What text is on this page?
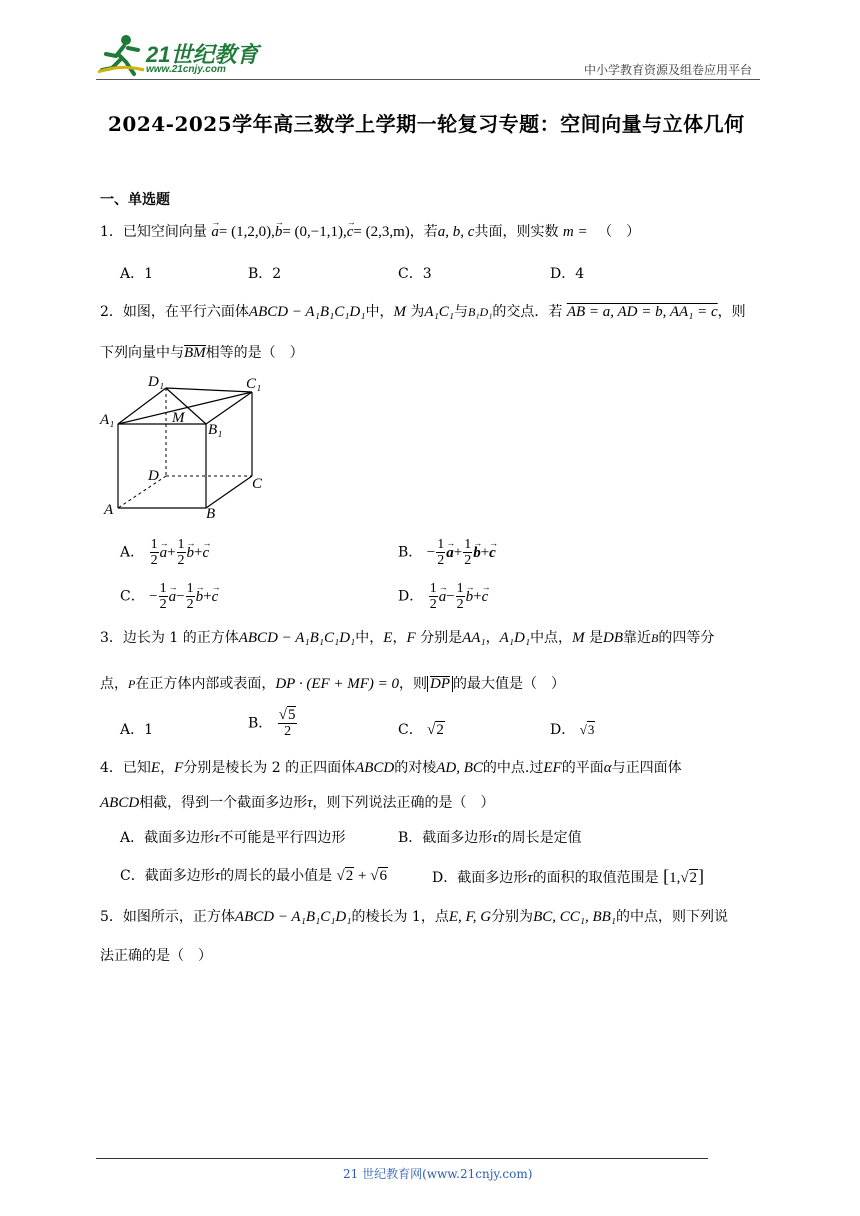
21世纪教育
www.21cnjy.com	中小学教育资源及组卷应用平台
2024-2025学年高三数学上学期一轮复习专题：空间向量与立体几何
一、单选题
1．已知空间向量 → a= (1,2,0),→ b= (0,−1,1),→ c= (2,3,m)，若a, b, c共面，则实数 m = （　）
A．1	B．2	C．3	D．4
2．如图，在平行六面体ABCD − A₁B₁C₁D₁中，M 为A₁C₁与B₁D₁的交点．若 AB = a, AD = b, AA₁ = c，则
下列向量中与BM相等的是（　）
D₁	C₁
A₁	M
B₁
D	C
A	B
A． $\frac{1}{2} \to a+ \frac{1}{2} \to b+\to c$	B． − $\frac{1}{2} \to a+ \frac{1}{2} \to b+\to c$
C． − $\frac{1}{2} \to a- \frac{1}{2} \to b+\to c$	D． $\frac{1}{2} \to a- \frac{1}{2} \to b+\to c$
3．边长为 1 的正方体ABCD − A₁B₁C₁D₁中，E，F 分别是AA₁，A₁D₁中点，M 是DB靠近B的四等分
点，P在正方体内部或表面，DP · (EF + MF) = 0，则 DP 的最大值是（　）
A．1	B． $\frac{√5}{2}$	C． √2	D． √3
4．已知E，F分别是棱长为 2 的正四面体ABCD的对棱AD, BC的中点.过EF的平面α与正四面体
ABCD相截，得到一个截面多边形τ，则下列说法正确的是（　）
A．截面多边形τ不可能是平行四边形	B．截面多边形τ的周长是定值
C．截面多边形τ的周长的最小值是 √2 + √6	D．截面多边形τ的面积的取值范围是 [1,√2]
5．如图所示，正方体ABCD − A₁B₁C₁D₁的棱长为 1，点E, F, G分别为BC, CC₁, BB₁的中点，则下列说
法正确的是（　）
21 世纪教育网(www.21cnjy.com)
